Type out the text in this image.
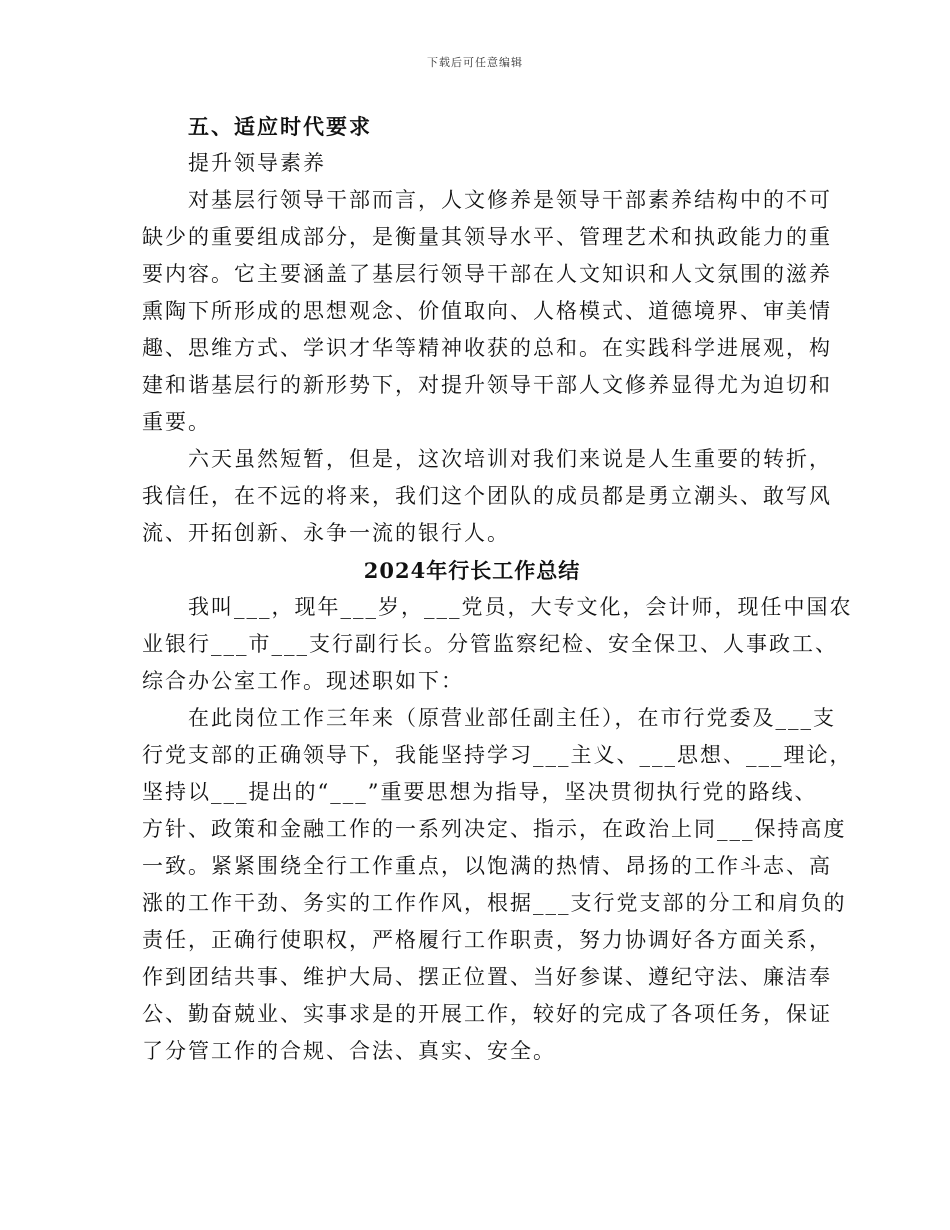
下载后可任意编辑
五、适应时代要求
提升领导素养
对基层行领导干部而言，人文修养是领导干部素养结构中的不可
缺少的重要组成部分，是衡量其领导水平、管理艺术和执政能力的重
要内容。它主要涵盖了基层行领导干部在人文知识和人文氛围的滋养
熏陶下所形成的思想观念、价值取向、人格模式、道德境界、审美情
趣、思维方式、学识才华等精神收获的总和。在实践科学进展观，构
建和谐基层行的新形势下，对提升领导干部人文修养显得尤为迫切和
重要。
六天虽然短暂，但是，这次培训对我们来说是人生重要的转折，
我信任，在不远的将来，我们这个团队的成员都是勇立潮头、敢写风
流、开拓创新、永争一流的银行人。
2024年行长工作总结
我叫___，现年___岁，___党员，大专文化，会计师，现任中国农
业银行___市___支行副行长。分管监察纪检、安全保卫、人事政工、
综合办公室工作。现述职如下：
在此岗位工作三年来（原营业部任副主任），在市行党委及___支
行党支部的正确领导下，我能坚持学习___主义、___思想、___理论，
坚持以___提出的“___”重要思想为指导，坚决贯彻执行党的路线、
方针、政策和金融工作的一系列决定、指示，在政治上同___保持高度
一致。紧紧围绕全行工作重点，以饱满的热情、昂扬的工作斗志、高
涨的工作干劲、务实的工作作风，根据___支行党支部的分工和肩负的
责任，正确行使职权，严格履行工作职责，努力协调好各方面关系，
作到团结共事、维护大局、摆正位置、当好参谋、遵纪守法、廉洁奉
公、勤奋兢业、实事求是的开展工作，较好的完成了各项任务，保证
了分管工作的合规、合法、真实、安全。
